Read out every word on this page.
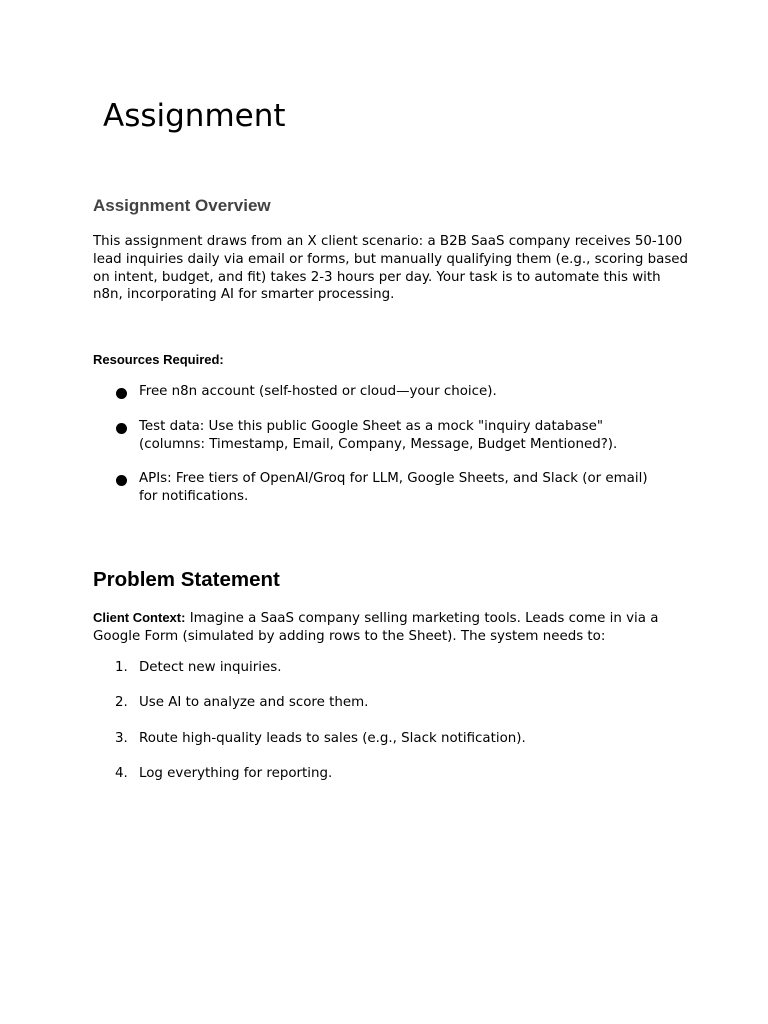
Assignment
Assignment Overview

This assignment draws from an X client scenario: a B2B SaaS company receives 50-100 lead inquiries daily via email or forms, but manually qualifying them (e.g., scoring based on intent, budget, and fit) takes 2-3 hours per day. Your task is to automate this with n8n, incorporating AI for smarter processing.

Resources Required:

Free n8n account (self-hosted or cloud—your choice).
Test data: Use this public Google Sheet as a mock "inquiry database" (columns: Timestamp, Email, Company, Message, Budget Mentioned?).
APIs: Free tiers of OpenAI/Groq for LLM, Google Sheets, and Slack (or email) for notifications.
Problem Statement

Client Context: Imagine a SaaS company selling marketing tools. Leads come in via a Google Form (simulated by adding rows to the Sheet). The system needs to:

1. Detect new inquiries.
2. Use AI to analyze and score them.
3. Route high-quality leads to sales (e.g., Slack notification).
4. Log everything for reporting.
